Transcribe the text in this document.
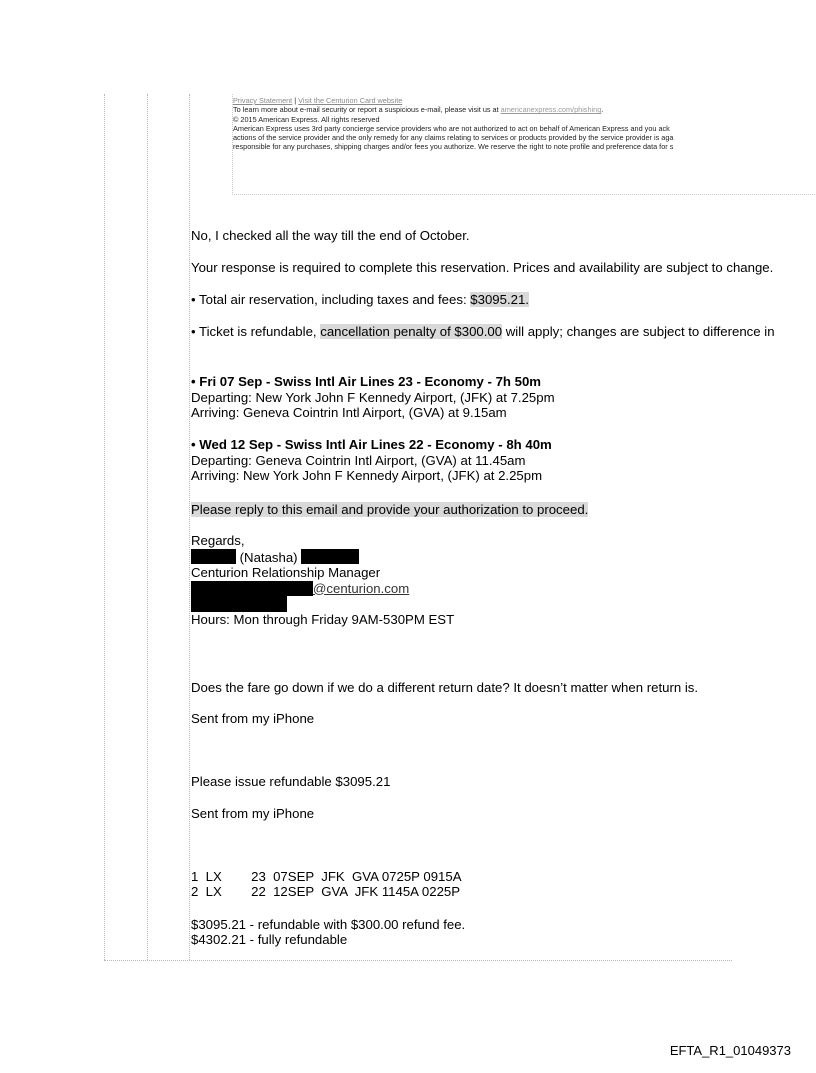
Privacy Statement | Visit the Centurion Card website
To learn more about e-mail security or report a suspicious e-mail, please visit us at americanexpress.com/phishing.
© 2015 American Express. All rights reserved
American Express uses 3rd party concierge service providers who are not authorized to act on behalf of American Express and you ack
actions of the service provider and the only remedy for any claims relating to services or products provided by the service provider is aga
responsible for any purchases, shipping charges and/or fees you authorize. We reserve the right to note profile and preference data for s
No, I checked all the way till the end of October.
Your response is required to complete this reservation. Prices and availability are subject to change.
• Total air reservation, including taxes and fees: $3095.21.
• Ticket is refundable, cancellation penalty of $300.00 will apply; changes are subject to difference in
• Fri 07 Sep - Swiss Intl Air Lines 23 - Economy - 7h 50m
Departing: New York John F Kennedy Airport, (JFK) at 7.25pm
Arriving: Geneva Cointrin Intl Airport, (GVA) at 9.15am
• Wed 12 Sep - Swiss Intl Air Lines 22 - Economy - 8h 40m
Departing: Geneva Cointrin Intl Airport, (GVA) at 11.45am
Arriving: New York John F Kennedy Airport, (JFK) at 2.25pm
Please reply to this email and provide your authorization to proceed.
Regards,
(Natasha)
Centurion Relationship Manager
@centurion.com
Hours: Mon through Friday 9AM-530PM EST
Does the fare go down if we do a different return date? It doesn’t matter when return is.
Sent from my iPhone
Please issue refundable $3095.21
Sent from my iPhone
1  LX        23  07SEP  JFK  GVA 0725P 0915A
2  LX        22  12SEP  GVA  JFK 1145A 0225P
$3095.21 - refundable with $300.00 refund fee.
$4302.21 - fully refundable
EFTA_R1_01049373
